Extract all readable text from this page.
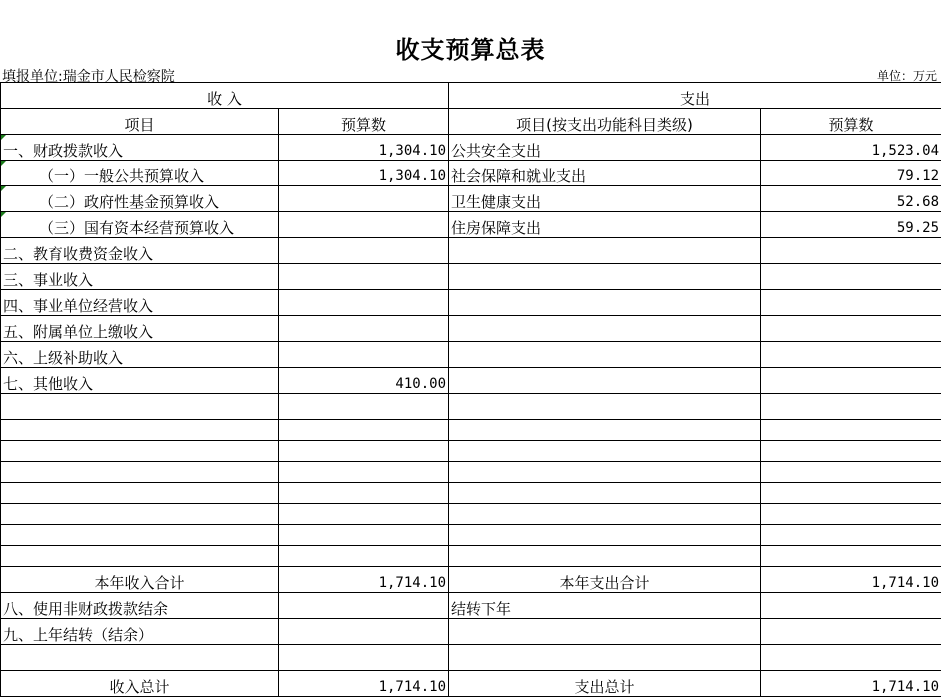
收支预算总表
填报单位:瑞金市人民检察院	单位：万元
收 入		支出	
项目	预算数	项目(按支出功能科目类级)	预算数
一、财政拨款收入	1,304.10	公共安全支出	1,523.04
（一）一般公共预算收入	1,304.10	社会保障和就业支出	79.12
（二）政府性基金预算收入		卫生健康支出	52.68
（三）国有资本经营预算收入		住房保障支出	59.25
二、教育收费资金收入			
三、事业收入			
四、事业单位经营收入			
五、附属单位上缴收入			
六、上级补助收入			
七、其他收入	410.00		

本年收入合计	1,714.10	本年支出合计	1,714.10
八、使用非财政拨款结余		结转下年	
九、上年结转（结余）			

收入总计	1,714.10	支出总计	1,714.10
